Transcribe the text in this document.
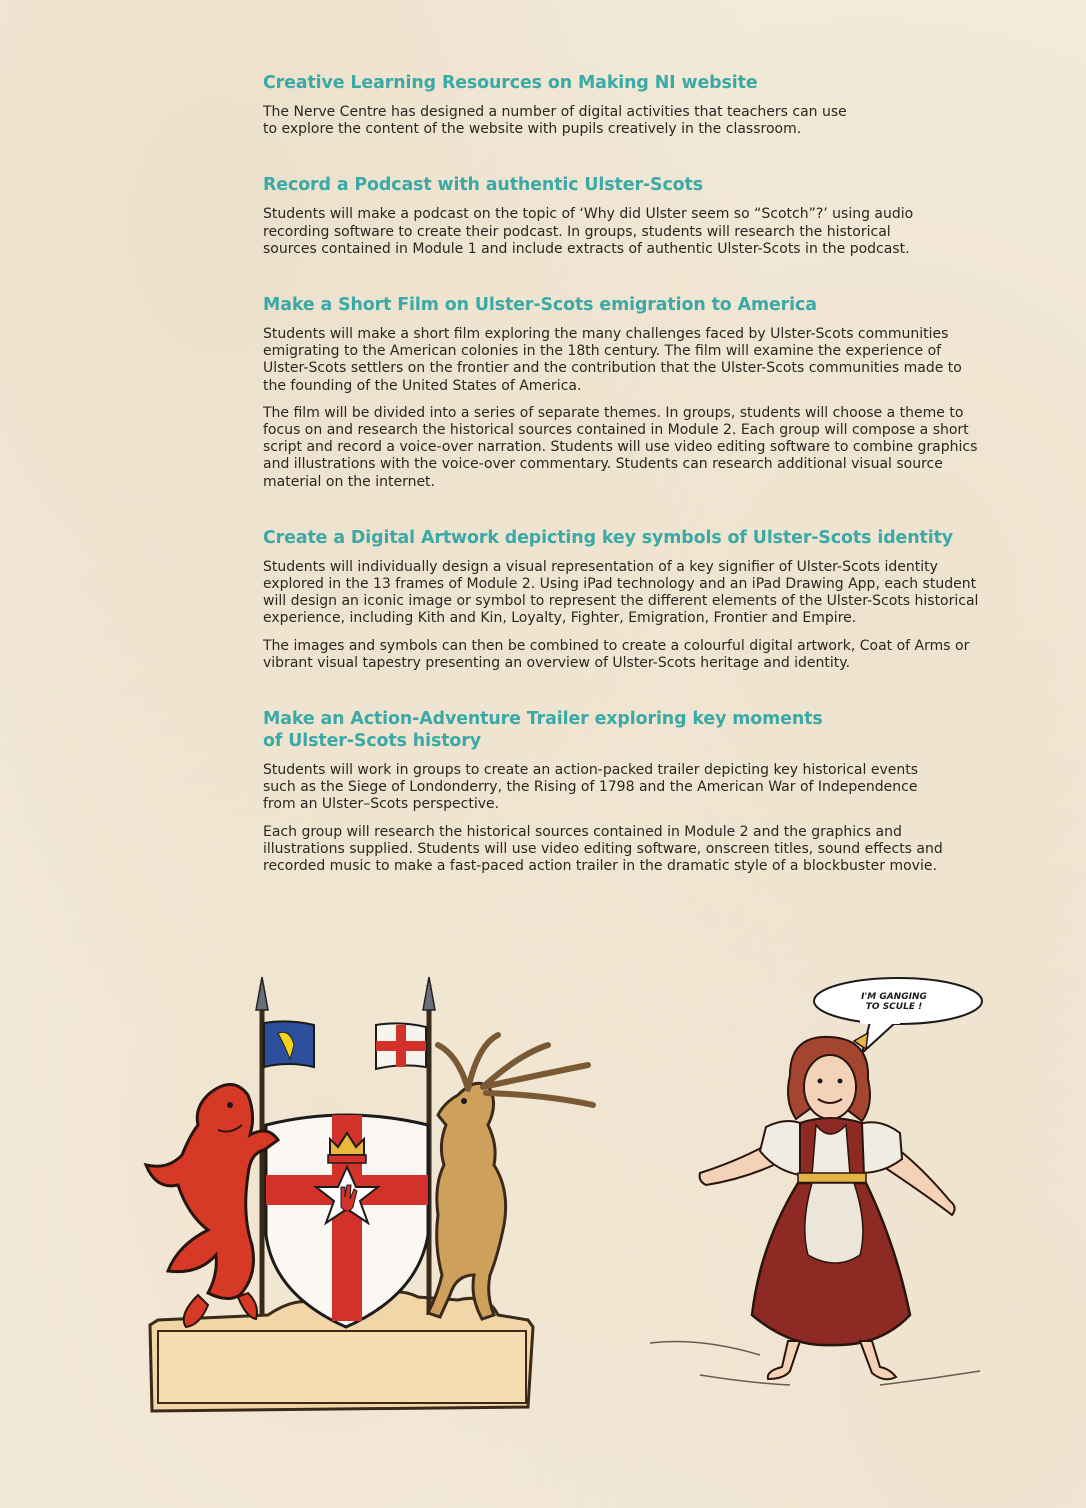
Creative Learning Resources on Making NI website

The Nerve Centre has designed a number of digital activities that teachers can use to explore the content of the website with pupils creatively in the classroom.

Record a Podcast with authentic Ulster-Scots

Students will make a podcast on the topic of ‘Why did Ulster seem so “Scotch”?’ using audio recording software to create their podcast. In groups, students will research the historical sources contained in Module 1 and include extracts of authentic Ulster-Scots in the podcast.

Make a Short Film on Ulster-Scots emigration to America

Students will make a short film exploring the many challenges faced by Ulster-Scots communities emigrating to the American colonies in the 18th century. The film will examine the experience of Ulster-Scots settlers on the frontier and the contribution that the Ulster-Scots communities made to the founding of the United States of America.

The film will be divided into a series of separate themes. In groups, students will choose a theme to focus on and research the historical sources contained in Module 2. Each group will compose a short script and record a voice-over narration. Students will use video editing software to combine graphics and illustrations with the voice-over commentary. Students can research additional visual source material on the internet.

Create a Digital Artwork depicting key symbols of Ulster-Scots identity

Students will individually design a visual representation of a key signifier of Ulster-Scots identity explored in the 13 frames of Module 2. Using iPad technology and an iPad Drawing App, each student will design an iconic image or symbol to represent the different elements of the Ulster-Scots historical experience, including Kith and Kin, Loyalty, Fighter, Emigration, Frontier and Empire.

The images and symbols can then be combined to create a colourful digital artwork, Coat of Arms or vibrant visual tapestry presenting an overview of Ulster-Scots heritage and identity.

Make an Action-Adventure Trailer exploring key moments of Ulster-Scots history

Students will work in groups to create an action-packed trailer depicting key historical events such as the Siege of Londonderry, the Rising of 1798 and the American War of Independence from an Ulster–Scots perspective.

Each group will research the historical sources contained in Module 2 and the graphics and illustrations supplied. Students will use video editing software, onscreen titles, sound effects and recorded music to make a fast-paced action trailer in the dramatic style of a blockbuster movie.

I'M GANGING
TO SCULE !
